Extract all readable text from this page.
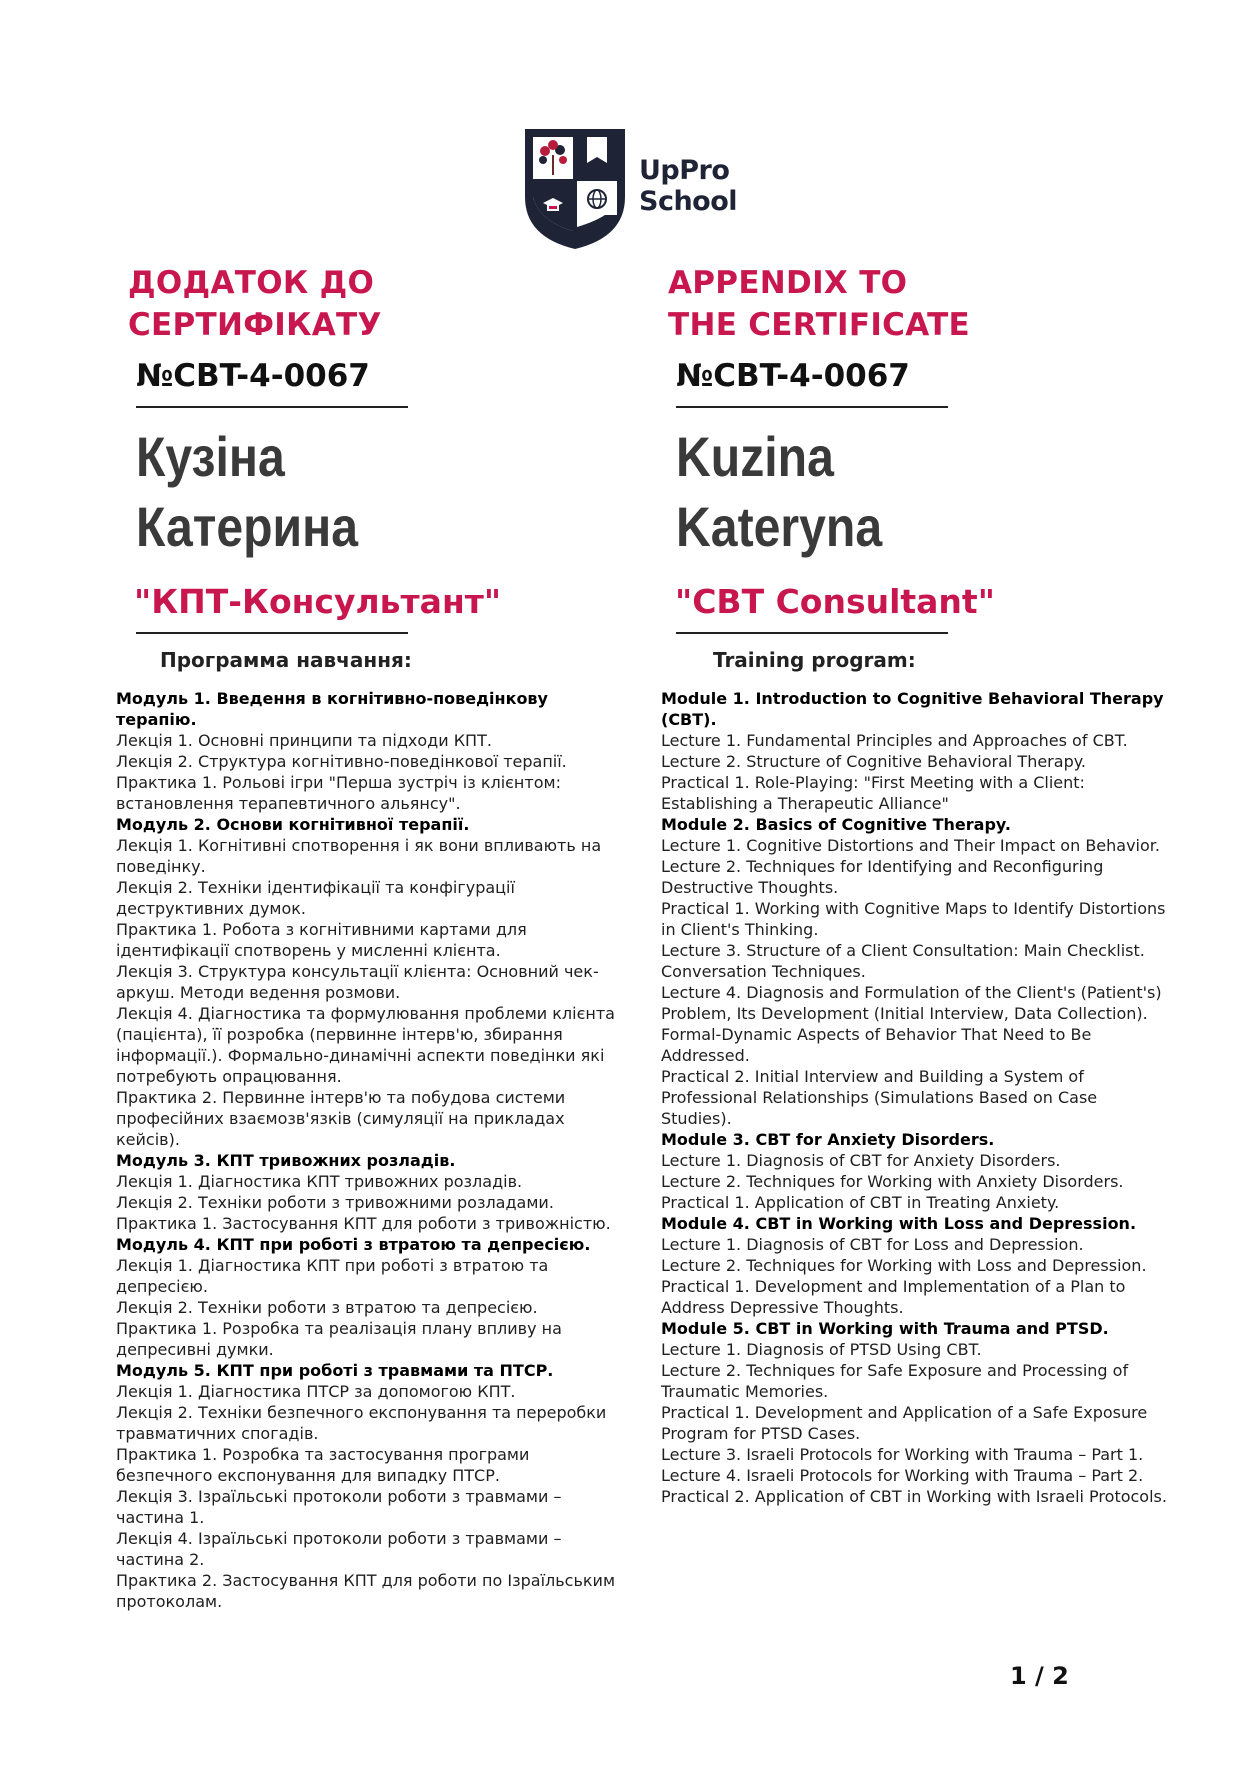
UpPro
School
ДОДАТОК ДО
СЕРТИФІКАТУ
№CBT-4-0067
Кузіна
Катерина
"КПТ-Консультант"
Программа навчання:
Модуль 1. Введення в когнітивно-поведінкову терапію.
Лекція 1. Основні принципи та підходи КПТ.
Лекція 2. Структура когнітивно-поведінкової терапії.
Практика 1. Рольові ігри "Перша зустріч із клієнтом: встановлення терапевтичного альянсу".
Модуль 2. Основи когнітивної терапії.
Лекція 1. Когнітивні спотворення і як вони впливають на поведінку.
Лекція 2. Техніки ідентифікації та конфігурації деструктивних думок.
Практика 1. Робота з когнітивними картами для ідентифікації спотворень у мисленні клієнта.
Лекція 3. Структура консультації клієнта: Основний чек-аркуш. Методи ведення розмови.
Лекція 4. Діагностика та формулювання проблеми клієнта (пацієнта), її розробка (первинне інтерв'ю, збирання інформації.). Формально-динамічні аспекти поведінки які потребують опрацювання.
Практика 2. Первинне інтерв'ю та побудова системи професійних взаємозв'язків (симуляції на прикладах кейсів).
Модуль 3. КПТ тривожних розладів.
Лекція 1. Діагностика КПТ тривожних розладів.
Лекція 2. Техніки роботи з тривожними розладами.
Практика 1. Застосування КПТ для роботи з тривожністю.
Модуль 4. КПТ при роботі з втратою та депресією.
Лекція 1. Діагностика КПТ при роботі з втратою та депресією.
Лекція 2. Техніки роботи з втратою та депресією.
Практика 1. Розробка та реалізація плану впливу на депресивні думки.
Модуль 5. КПТ при роботі з травмами та ПТСР.
Лекція 1. Діагностика ПТСР за допомогою КПТ.
Лекція 2. Техніки безпечного експонування та переробки травматичних спогадів.
Практика 1. Розробка та застосування програми безпечного експонування для випадку ПТСР.
Лекція 3. Ізраїльські протоколи роботи з травмами – частина 1.
Лекція 4. Ізраїльські протоколи роботи з травмами – частина 2.
Практика 2. Застосування КПТ для роботи по Ізраїльським протоколам.
APPENDIX TO
THE CERTIFICATE
№CBT-4-0067
Kuzina
Kateryna
"CBT Consultant"
Training program:
Module 1. Introduction to Cognitive Behavioral Therapy (CBT).
Lecture 1. Fundamental Principles and Approaches of CBT.
Lecture 2. Structure of Cognitive Behavioral Therapy.
Practical 1. Role-Playing: "First Meeting with a Client: Establishing a Therapeutic Alliance"
Module 2. Basics of Cognitive Therapy.
Lecture 1. Cognitive Distortions and Their Impact on Behavior.
Lecture 2. Techniques for Identifying and Reconfiguring Destructive Thoughts.
Practical 1. Working with Cognitive Maps to Identify Distortions in Client's Thinking.
Lecture 3. Structure of a Client Consultation: Main Checklist. Conversation Techniques.
Lecture 4. Diagnosis and Formulation of the Client's (Patient's) Problem, Its Development (Initial Interview, Data Collection). Formal-Dynamic Aspects of Behavior That Need to Be Addressed.
Practical 2. Initial Interview and Building a System of Professional Relationships (Simulations Based on Case Studies).
Module 3. CBT for Anxiety Disorders.
Lecture 1. Diagnosis of CBT for Anxiety Disorders.
Lecture 2. Techniques for Working with Anxiety Disorders.
Practical 1. Application of CBT in Treating Anxiety.
Module 4. CBT in Working with Loss and Depression.
Lecture 1. Diagnosis of CBT for Loss and Depression.
Lecture 2. Techniques for Working with Loss and Depression.
Practical 1. Development and Implementation of a Plan to Address Depressive Thoughts.
Module 5. CBT in Working with Trauma and PTSD.
Lecture 1. Diagnosis of PTSD Using CBT.
Lecture 2. Techniques for Safe Exposure and Processing of Traumatic Memories.
Practical 1. Development and Application of a Safe Exposure Program for PTSD Cases.
Lecture 3. Israeli Protocols for Working with Trauma – Part 1.
Lecture 4. Israeli Protocols for Working with Trauma – Part 2.
Practical 2. Application of CBT in Working with Israeli Protocols.
1 / 2
